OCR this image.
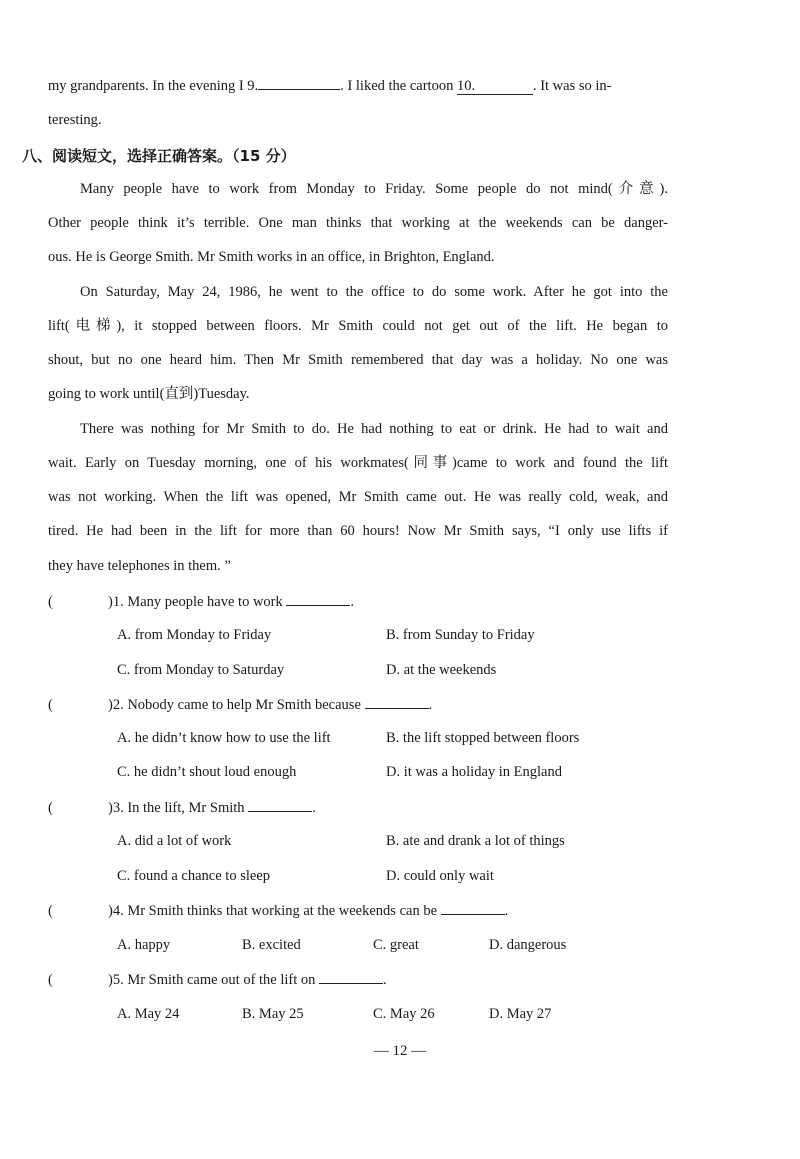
my grandparents. In the evening I 9.	. I liked the cartoon 10.	. It was so in-
teresting.
八、阅读短文，选择正确答案。（15 分）
Many people have to work from Monday to Friday. Some people do not mind(介意).
Other people think it’s terrible. One man thinks that working at the weekends can be danger-
ous. He is George Smith. Mr Smith works in an office, in Brighton, England.
On Saturday, May 24, 1986, he went to the office to do some work. After he got into the
lift(电梯), it stopped between floors. Mr Smith could not get out of the lift. He began to
shout, but no one heard him. Then Mr Smith remembered that day was a holiday. No one was
going to work until(直到)Tuesday.
There was nothing for Mr Smith to do. He had nothing to eat or drink. He had to wait and
wait. Early on Tuesday morning, one of his workmates(同事)came to work and found the lift
was not working. When the lift was opened, Mr Smith came out. He was really cold, weak, and
tired. He had been in the lift for more than 60 hours! Now Mr Smith says, “I only use lifts if
they have telephones in them. ”
(	)1. Many people have to work	.
A. from Monday to Friday	B. from Sunday to Friday
C. from Monday to Saturday	D. at the weekends
(	)2. Nobody came to help Mr Smith because	.
A. he didn’t know how to use the lift	B. the lift stopped between floors
C. he didn’t shout loud enough	D. it was a holiday in England
(	)3. In the lift, Mr Smith	.
A. did a lot of work	B. ate and drank a lot of things
C. found a chance to sleep	D. could only wait
(	)4. Mr Smith thinks that working at the weekends can be	.
A. happy	B. excited	C. great	D. dangerous
(	)5. Mr Smith came out of the lift on	.
A. May 24	B. May 25	C. May 26	D. May 27
— 12 —
